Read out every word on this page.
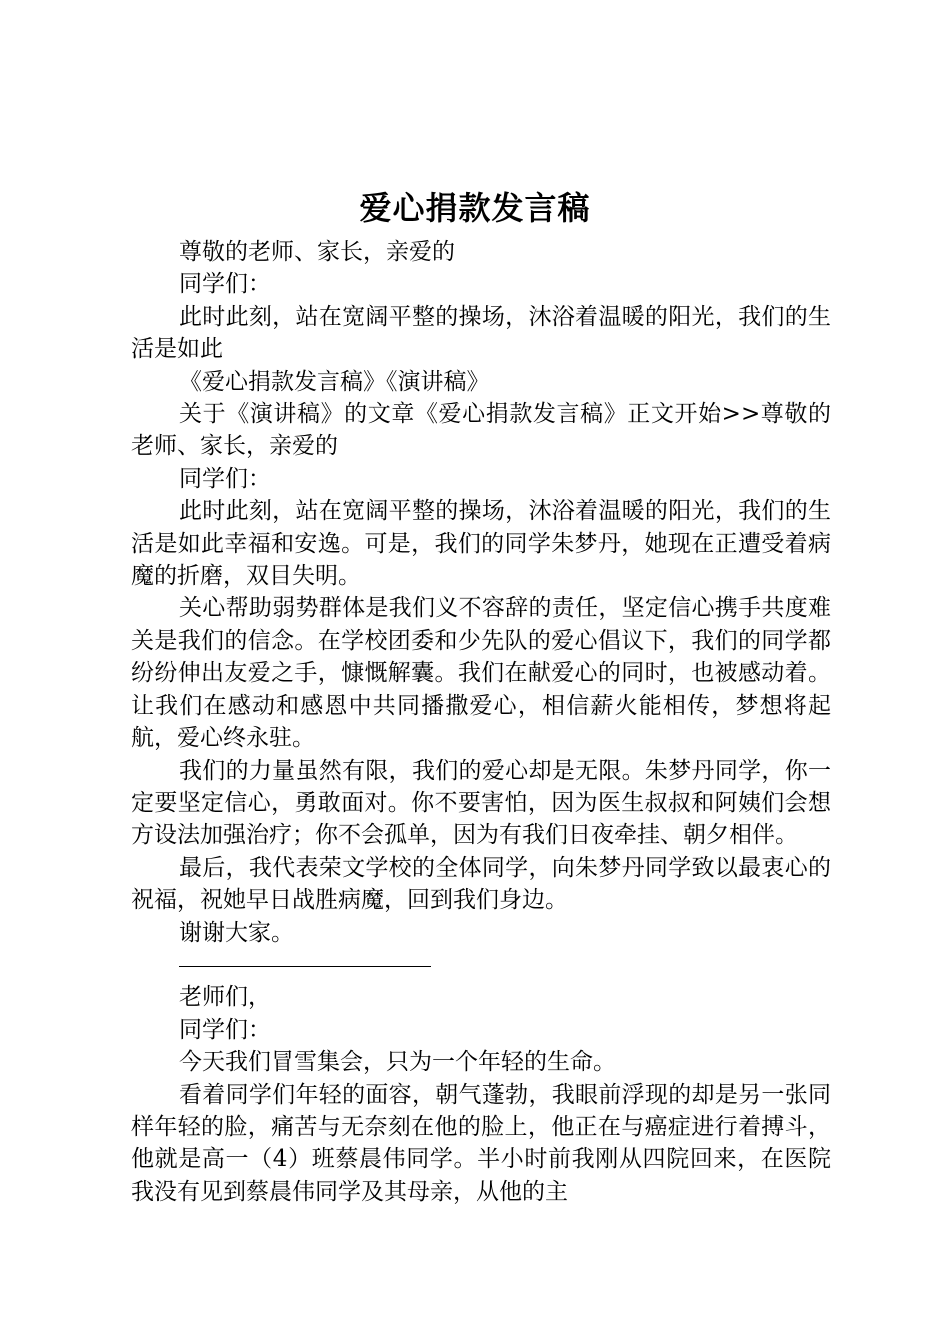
爱心捐款发言稿

尊敬的老师、家长，亲爱的

同学们：

此时此刻，站在宽阔平整的操场，沐浴着温暖的阳光，我们的生活是如此

《爱心捐款发言稿》《演讲稿》

关于《演讲稿》的文章《爱心捐款发言稿》正文开始>>尊敬的老师、家长，亲爱的

同学们：

此时此刻，站在宽阔平整的操场，沐浴着温暖的阳光，我们的生活是如此幸福和安逸。可是，我们的同学朱梦丹，她现在正遭受着病魔的折磨，双目失明。

关心帮助弱势群体是我们义不容辞的责任，坚定信心携手共度难关是我们的信念。在学校团委和少先队的爱心倡议下，我们的同学都纷纷伸出友爱之手，慷慨解囊。我们在献爱心的同时，也被感动着。让我们在感动和感恩中共同播撒爱心，相信薪火能相传，梦想将起航，爱心终永驻。

我们的力量虽然有限，我们的爱心却是无限。朱梦丹同学，你一定要坚定信心，勇敢面对。你不要害怕，因为医生叔叔和阿姨们会想方设法加强治疗；你不会孤单，因为有我们日夜牵挂、朝夕相伴。

最后，我代表荣文学校的全体同学，向朱梦丹同学致以最衷心的祝福，祝她早日战胜病魔，回到我们身边。

谢谢大家。

老师们，

同学们：

今天我们冒雪集会，只为一个年轻的生命。

看着同学们年轻的面容，朝气蓬勃，我眼前浮现的却是另一张同样年轻的脸，痛苦与无奈刻在他的脸上，他正在与癌症进行着搏斗，他就是高一（4）班蔡晨伟同学。半小时前我刚从四院回来，在医院我没有见到蔡晨伟同学及其母亲，从他的主
